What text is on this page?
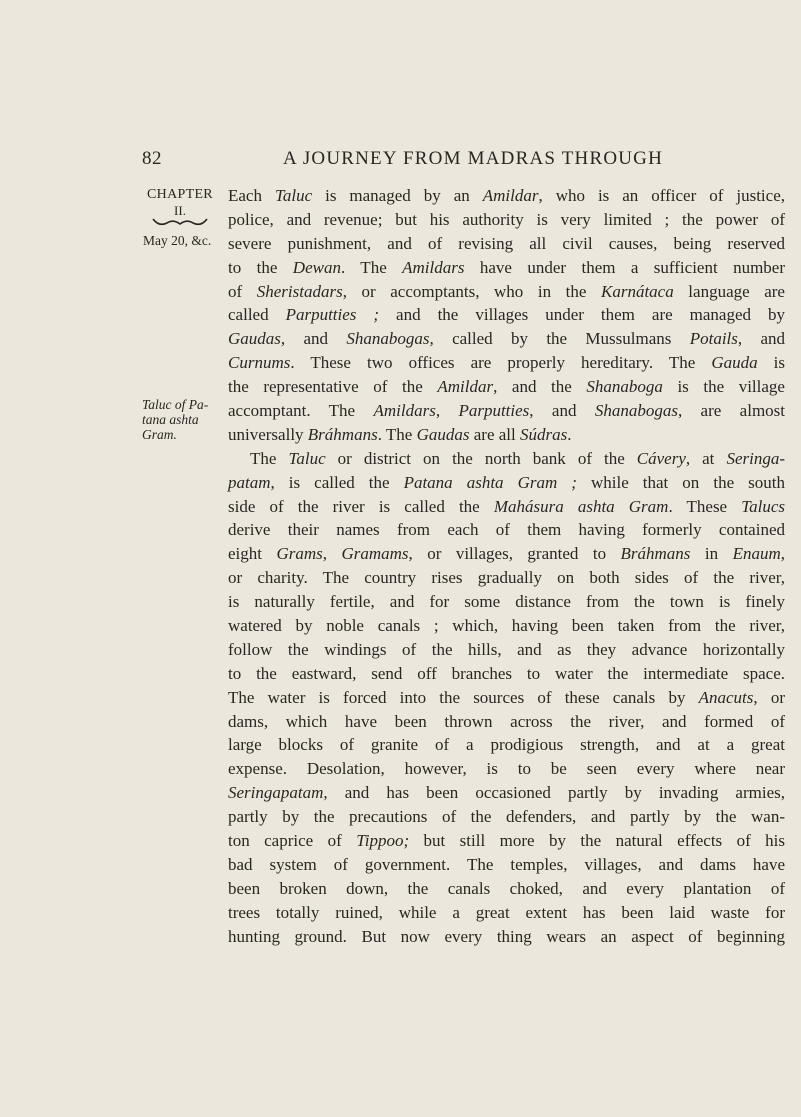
82	A JOURNEY FROM MADRAS THROUGH
CHAPTER
II.
May 20, &c.
Taluc of Pa-
tana ashta
Gram.
Each Taluc is managed by an Amildar, who is an officer of justice,
police, and revenue; but his authority is very limited ; the power of
severe punishment, and of revising all civil causes, being reserved
to the Dewan. The Amildars have under them a sufficient number
of Sheristadars, or accomptants, who in the Karnátaca language are
called Parputties ; and the villages under them are managed by
Gaudas, and Shanabogas, called by the Mussulmans Potails, and
Curnums. These two offices are properly hereditary. The Gauda is
the representative of the Amildar, and the Shanaboga is the village
accomptant. The Amildars, Parputties, and Shanabogas, are almost
universally Bráhmans. The Gaudas are all Súdras.
The Taluc or district on the north bank of the Cávery, at Seringa-
patam, is called the Patana ashta Gram ; while that on the south
side of the river is called the Mahásura ashta Gram. These Talucs
derive their names from each of them having formerly contained
eight Grams, Gramams, or villages, granted to Bráhmans in Enaum,
or charity. The country rises gradually on both sides of the river,
is naturally fertile, and for some distance from the town is finely
watered by noble canals ; which, having been taken from the river,
follow the windings of the hills, and as they advance horizontally
to the eastward, send off branches to water the intermediate space.
The water is forced into the sources of these canals by Anacuts, or
dams, which have been thrown across the river, and formed of
large blocks of granite of a prodigious strength, and at a great
expense. Desolation, however, is to be seen every where near
Seringapatam, and has been occasioned partly by invading armies,
partly by the precautions of the defenders, and partly by the wan-
ton caprice of Tippoo; but still more by the natural effects of his
bad system of government. The temples, villages, and dams have
been broken down, the canals choked, and every plantation of
trees totally ruined, while a great extent has been laid waste for
hunting ground. But now every thing wears an aspect of beginning
